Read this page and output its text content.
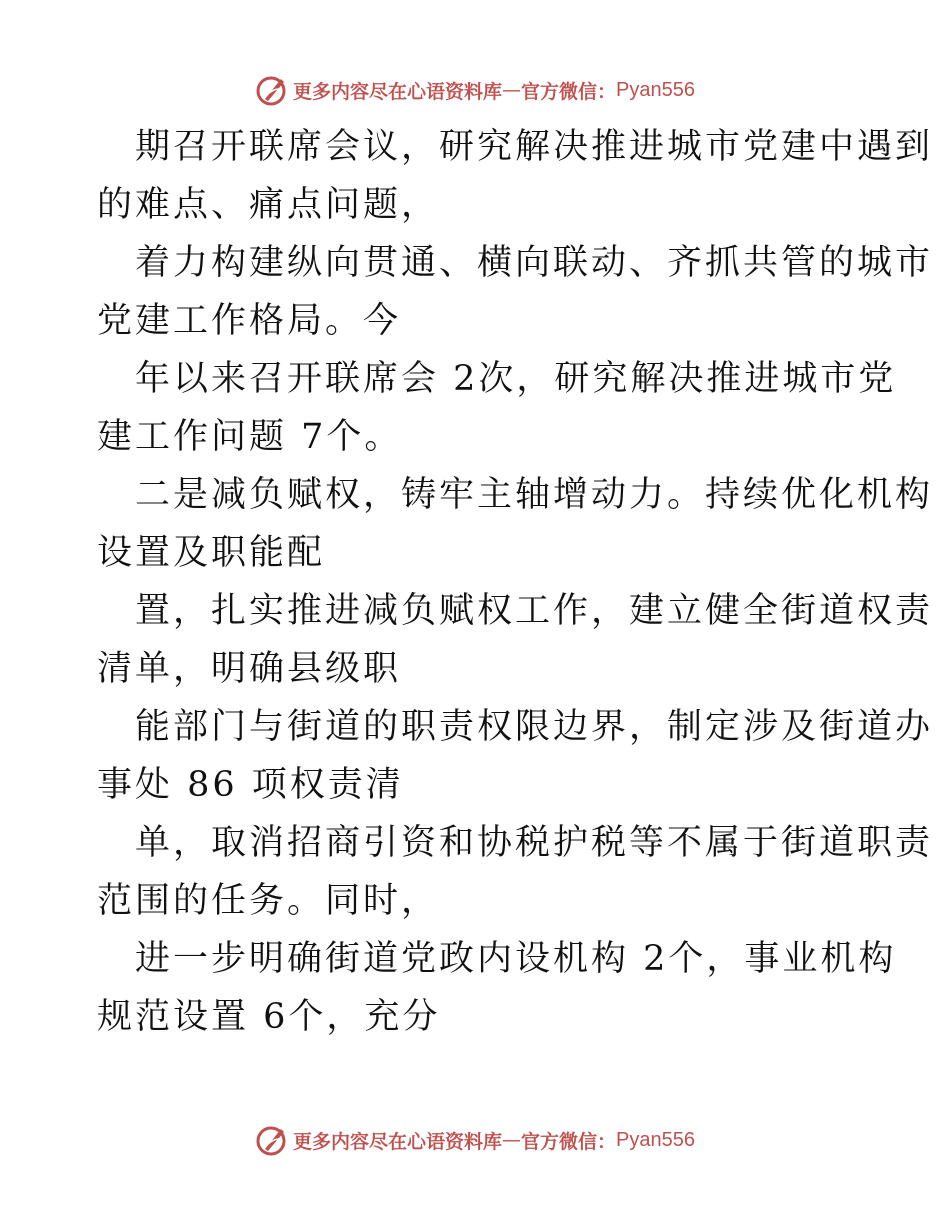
更多内容尽在心语资料库 — 官方微信： Pyan556
期召开联席会议，研究解决推进城市党建中遇到
的难点、痛点问题，
着力构建纵向贯通、横向联动、齐抓共管的城市
党建工作格局。今
年以来召开联席会 2次，研究解决推进城市党
建工作问题 7个。
二是减负赋权，铸牢主轴增动力。持续优化机构
设置及职能配
置，扎实推进减负赋权工作，建立健全街道权责
清单，明确县级职
能部门与街道的职责权限边界，制定涉及街道办
事处 86 项权责清
单，取消招商引资和协税护税等不属于街道职责
范围的任务。同时，
进一步明确街道党政内设机构 2个，事业机构
规范设置 6个，充分
更多内容尽在心语资料库 — 官方微信： Pyan556
